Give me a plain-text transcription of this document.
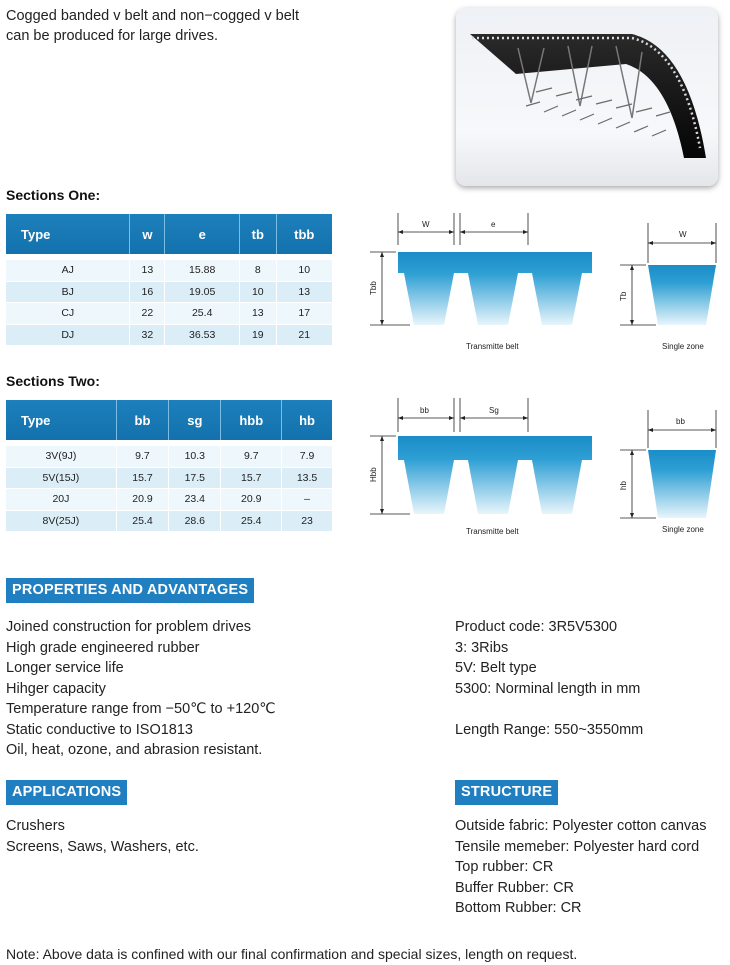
Cogged banded v belt and non−cogged v belt
can be produced for large drives.
Sections One:
Type	w	e	tb	tbb

AJ	13	15.88	8	10
BJ	16	19.05	10	13
CJ	22	25.4	13	17
DJ	32	36.53	19	21
W	e
Tbb
Transmitte belt
W
Tb
Single zone
Sections Two:
Type	bb	sg	hbb	hb

3V(9J)	9.7	10.3	9.7	7.9
5V(15J)	15.7	17.5	15.7	13.5
20J	20.9	23.4	20.9	–
8V(25J)	25.4	28.6	25.4	23
bb	Sg
Hbb
Transmitte belt
bb
hb
Single zone
PROPERTIES AND ADVANTAGES
Joined construction for problem drives
High grade engineered rubber
Longer service life
Hihger capacity
Temperature range from −50℃ to +120℃
Static conductive to ISO1813
Oil, heat, ozone, and abrasion resistant.
Product code: 3R5V5300
3: 3Ribs
5V: Belt type
5300: Norminal length in mm
Length Range: 550~3550mm
APPLICATIONS
Crushers
Screens, Saws, Washers, etc.
STRUCTURE
Outside fabric: Polyester cotton canvas
Tensile memeber: Polyester hard cord
Top rubber: CR
Buffer Rubber: CR
Bottom Rubber: CR
Note: Above data is confined with our final confirmation and special sizes, length on request.
